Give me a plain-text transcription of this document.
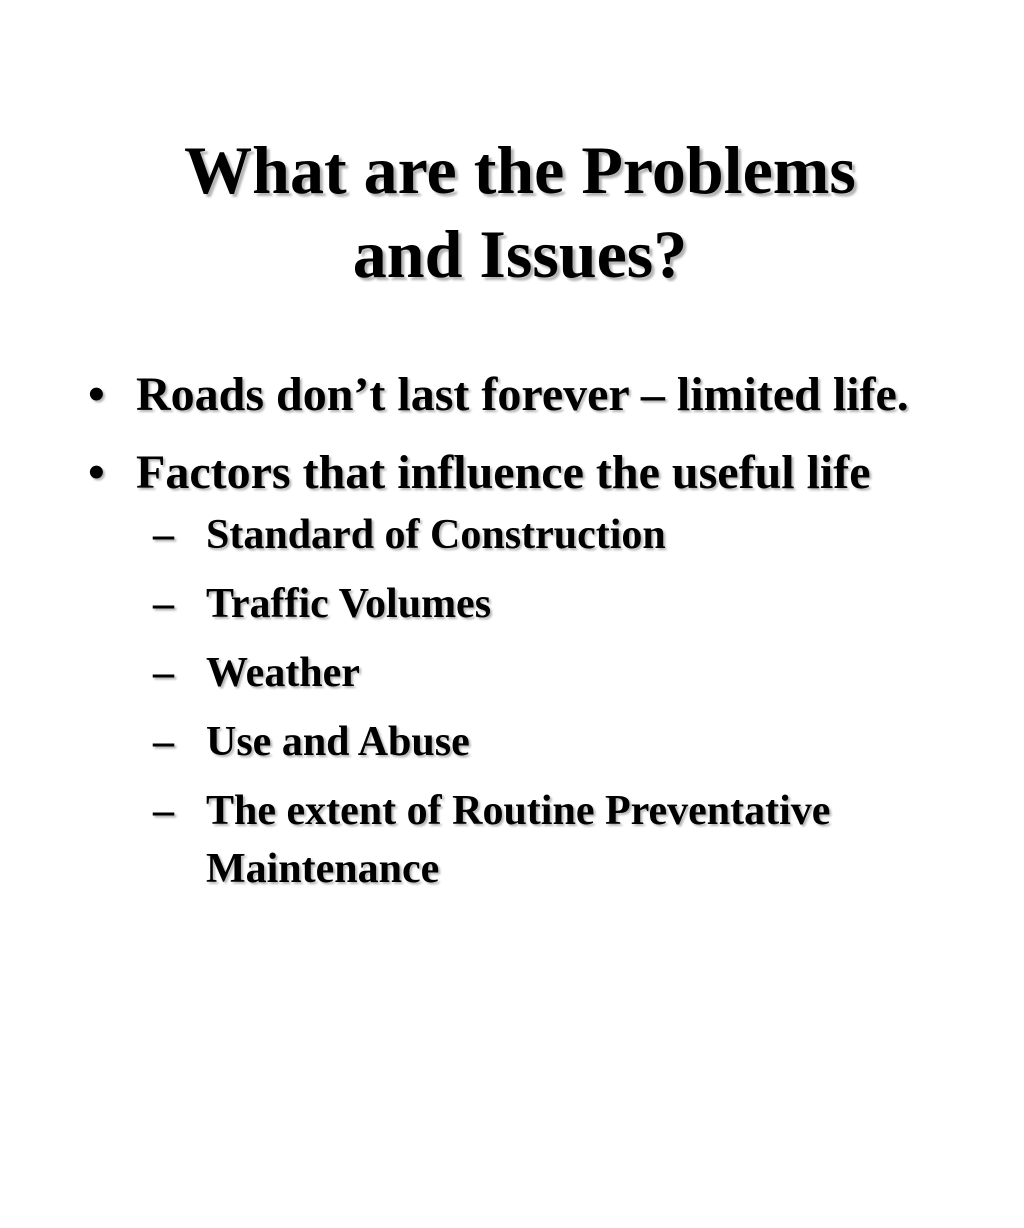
What are the Problems
and Issues?
• Roads don’t last forever – limited life.
• Factors that influence the useful life
– Standard of Construction
– Traffic Volumes
– Weather
– Use and Abuse
– The extent of Routine Preventative Maintenance
